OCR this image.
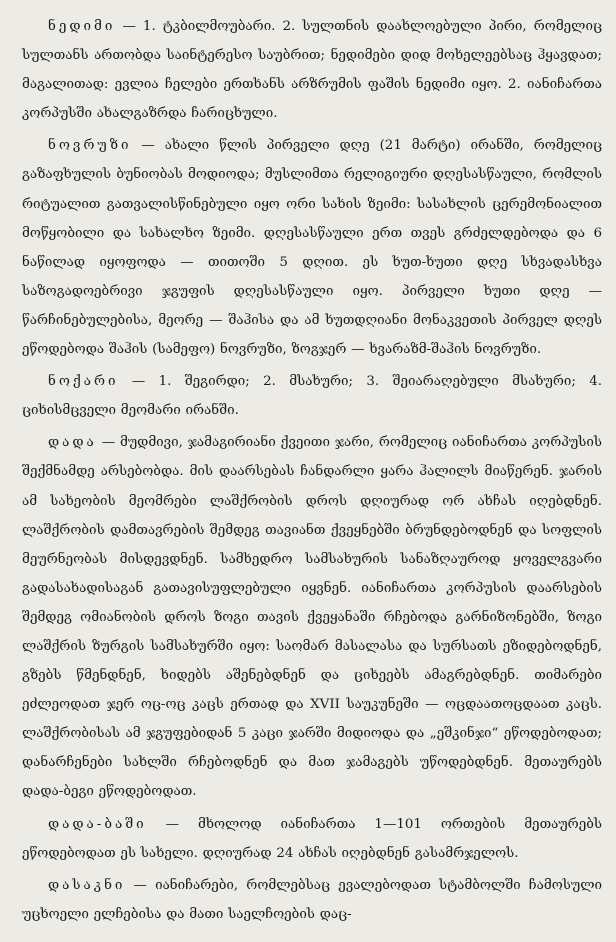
ნედიმი — 1. ტკბილმოუბარი. 2. სულთნის დაახლოებული პირი, რომელიც სულთანს ართობდა საინტერესო საუბრით; ნედიმები დიდ მოხელეებსაც ჰყავდათ; მაგალითად: ევლია ჩელები ერთხანს არზრუმის ფაშის ნედიმი იყო. 2. იანიჩართა კორპუსში ახალგაზრდა ჩარიცხული.

ნოვრუზი — ახალი წლის პირველი დღე (21 მარტი) ირანში, რომელიც გაზაფხულის ბუნიობას მოდიოდა; მუსლიმთა რელიგიური დღესასწაული, რომლის რიტუალით გათვალისწინებული იყო ორი სახის ზეიმი: სასახლის ცერემონიალით მოწყობილი და სახალხო ზეიმი. დღესასწაული ერთ თვეს გრძელდებოდა და 6 ნაწილად იყოფოდა — თითოში 5 დღით. ეს ხუთ-ხუთი დღე სხვადასხვა საზოგადოებრივი ჯგუფის დღესასწაული იყო. პირველი ხუთი დღე — წარჩინებულებისა, მეორე — შაჰისა და ამ ხუთდღიანი მონაკვეთის პირველ დღეს ეწოდებოდა შაჰის (სამეფო) ნოვრუზი, ზოგჯერ — ხვარაზმ-შაჰის ნოვრუზი.

ნოქარი — 1. შეგირდი; 2. მსახური; 3. შეიარაღებული მსახური; 4. ციხისმცველი მეომარი ირანში.

დადა — მუდმივი, ჯამაგირიანი ქვეითი ჯარი, რომელიც იანიჩართა კორპუსის შექმნამდე არსებობდა. მის დაარსებას ჩანდარლი ყარა ჰალილს მიაწერენ. ჯარის ამ სახეობის მეომრები ლაშქრობის დროს დღიურად ორ ახჩას იღებდნენ. ლაშქრობის დამთავრების შემდეგ თავიანთ ქვეყნებში ბრუნდებოდნენ და სოფლის მეურნეობას მისდევდნენ. სამხედრო სამსახურის სანაზღაუროდ ყოველგვარი გადასახადისაგან გათავისუფლებული იყვნენ. იანიჩართა კორპუსის დაარსების შემდეგ ომიანობის დროს ზოგი თავის ქვეყანაში რჩებოდა გარნიზონებში, ზოგი ლაშქრის ზურგის სამსახურში იყო: საომარ მასალასა და სურსათს ეზიდებოდნენ, გზებს წმენდნენ, ხიდებს აშენებდნენ და ციხეებს ამაგრებდნენ. თიმარები ეძლეოდათ ჯერ ოც-ოც კაცს ერთად და XVII საუკუნეში — ოცდაათოცდაათ კაცს. ლაშქრობისას ამ ჯგუფებიდან 5 კაცი ჯარში მიდიოდა და „ეშკინჯი“ ეწოდებოდათ; დანარჩენები სახლში რჩებოდნენ და მათ ჯამაგებს უწოდებდნენ. მეთაურებს დადა-ბეგი ეწოდებოდათ.

დადა-ბაში — მხოლოდ იანიჩართა 1—101 ორთების მეთაურებს ეწოდებოდათ ეს სახელი. დღიურად 24 ახჩას იღებდნენ გასამრჯელოს.

დასაკნი — იანიჩარები, რომლებსაც ევალებოდათ სტამბოლში ჩამოსული უცხოელი ელჩებისა და მათი საელჩოების დაც-
